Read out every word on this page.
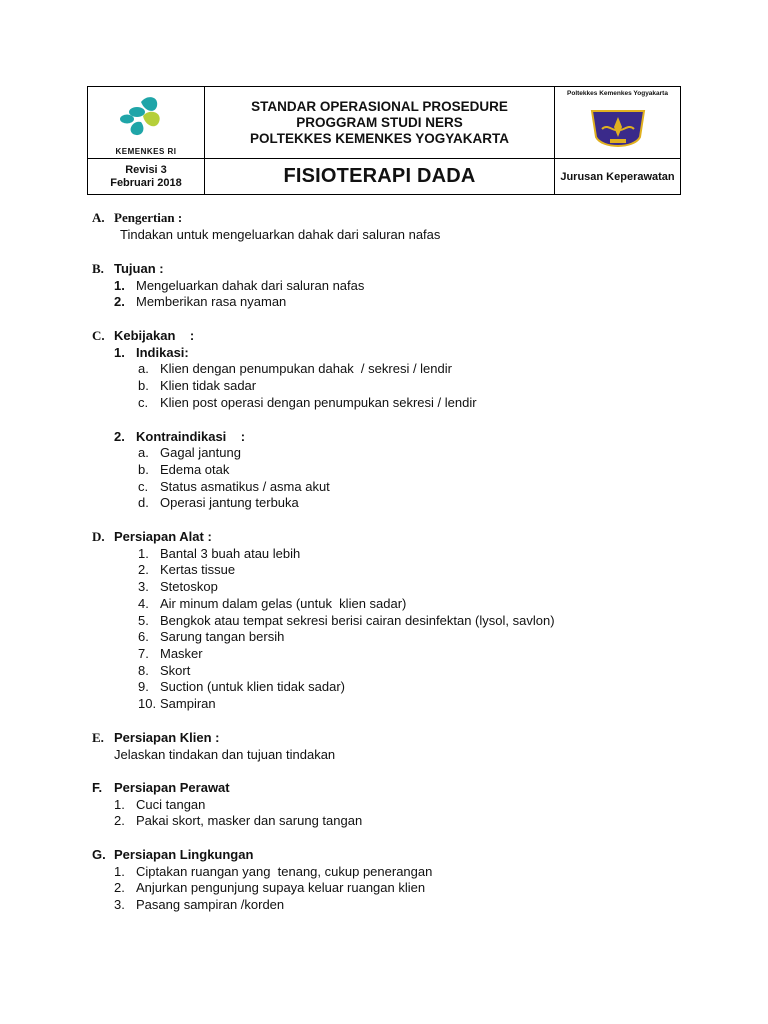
KEMENKES RI	STANDAR OPERASIONAL PROSEDURE
PROGGRAM STUDI NERS
POLTEKKES KEMENKES YOGYAKARTA	Poltekkes Kemenkes Yogyakarta

Revisi 3
Februari 2018	FISIOTERAPI DADA	Jurusan Keperawatan
A. Pengertian :
Tindakan untuk mengeluarkan dahak dari saluran nafas
B. Tujuan :
1. Mengeluarkan dahak dari saluran nafas
2. Memberikan rasa nyaman
C. Kebijakan    :
1. Indikasi:
a. Klien dengan penumpukan dahak  / sekresi / lendir
b. Klien tidak sadar
c. Klien post operasi dengan penumpukan sekresi / lendir
2. Kontraindikasi    :
a. Gagal jantung
b. Edema otak
c. Status asmatikus / asma akut
d. Operasi jantung terbuka
D. Persiapan Alat :
1. Bantal 3 buah atau lebih
2. Kertas tissue
3. Stetoskop
4. Air minum dalam gelas (untuk  klien sadar)
5. Bengkok atau tempat sekresi berisi cairan desinfektan (lysol, savlon)
6. Sarung tangan bersih
7. Masker
8. Skort
9. Suction (untuk klien tidak sadar)
10. Sampiran
E. Persiapan Klien :
Jelaskan tindakan dan tujuan tindakan
F. Persiapan Perawat
1. Cuci tangan
2. Pakai skort, masker dan sarung tangan
G. Persiapan Lingkungan
1. Ciptakan ruangan yang  tenang, cukup penerangan
2. Anjurkan pengunjung supaya keluar ruangan klien
3. Pasang sampiran /korden
